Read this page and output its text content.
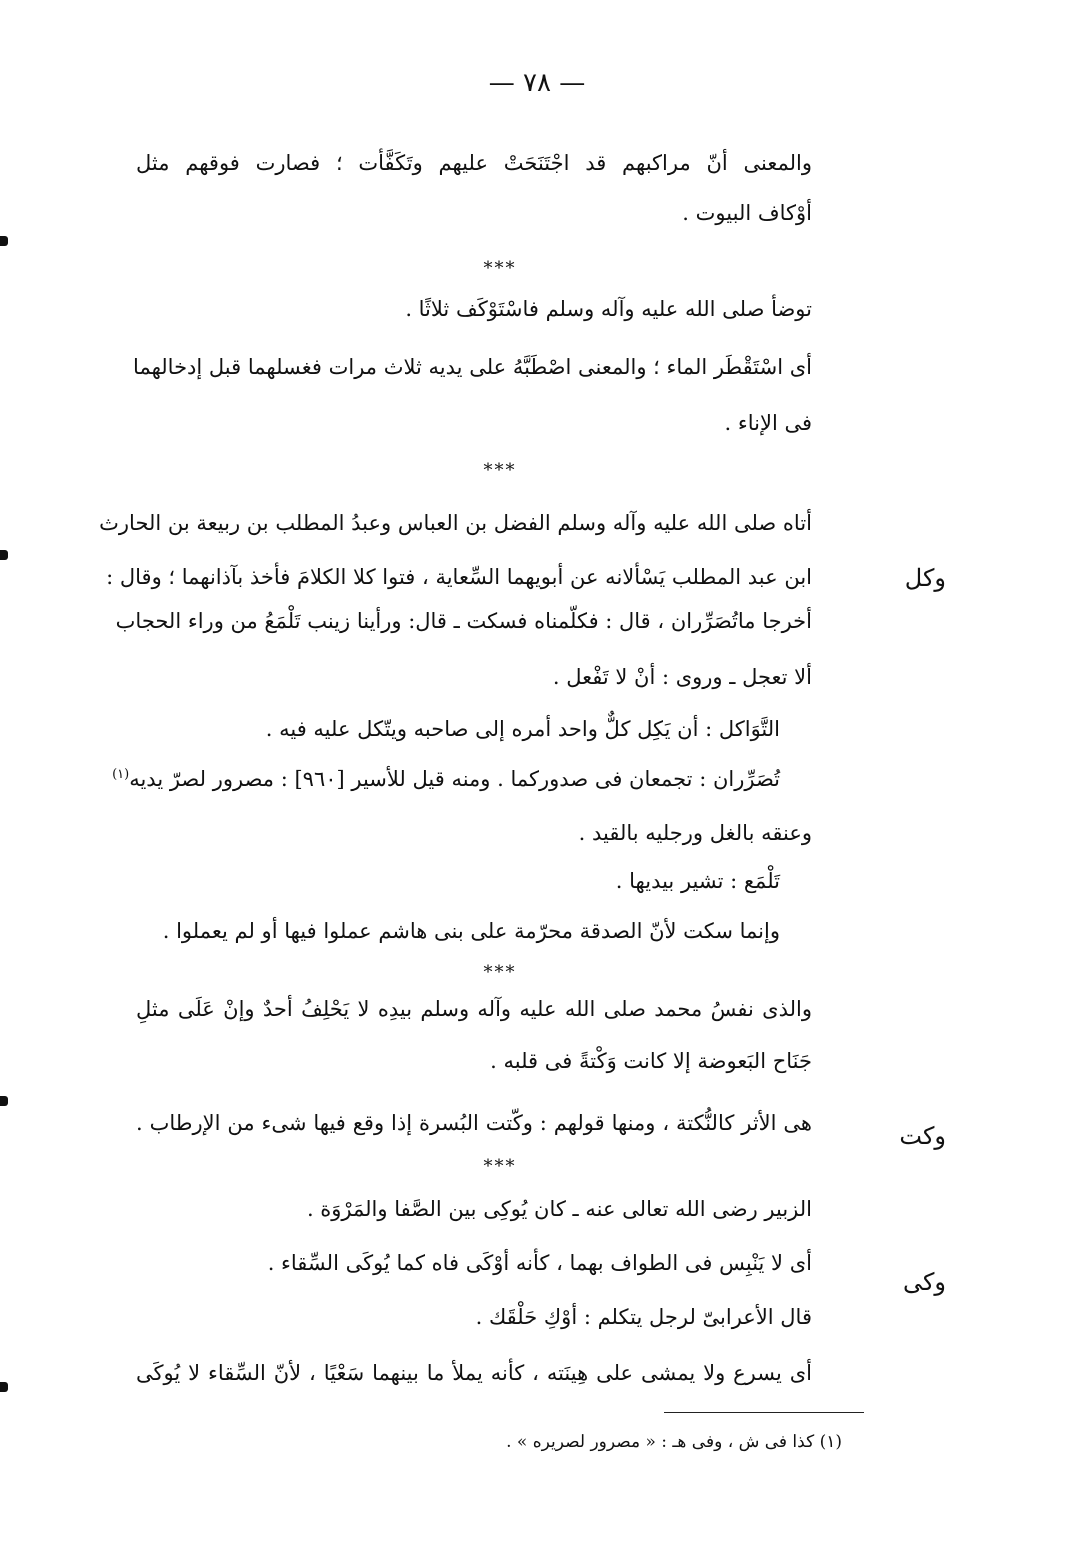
— ٧٨ —
والمعنى أنّ مراكبهم قد اجْتَنَحَتْ عليهم وتَكَفَّأت ؛ فصارت فوقهم مثل
أوْكاف البيوت .
***
توضأ صلى الله عليه وآله وسلم فاسْتَوْكَف ثلاثًا .
أى اسْتَقْطَر الماء ؛ والمعنى اصْطَبَّهُ على يديه ثلاث مرات فغسلهما قبل إدخالهما
فى الإناء .
***
أتاه صلى الله عليه وآله وسلم الفضل بن العباس وعبدُ المطلب بن ربيعة بن الحارث
وكل
ابن عبد المطلب يَسْألانه عن أبويهما السِّعاية ، فتوا كلا الكلامَ فأخذ بآذانهما ؛ وقال :
أخرجا ماتُصَرِّران ، قال : فكلّمناه فسكت ـ قال: ورأينا زينب تَلْمَعُ من وراء الحجاب
ألا تعجل ـ وروى : أنْ لا تَفْعل .
التَّوَاكل : أن يَكِل كلٌّ واحد أمره إلى صاحبه ويتّكل عليه فيه .
تُصَرِّران : تجمعان فى صدوركما . ومنه قيل للأسير [٩٦٠] : مصرور لصرّ يديه$^{(١)}$
وعنقه بالغل ورجليه بالقيد .
تَلْمَع : تشير بيديها .
وإنما سكت لأنّ الصدقة محرّمة على بنى هاشم عملوا فيها أو لم يعملوا .
***
والذى نفسُ محمد صلى الله عليه وآله وسلم بيدِه لا يَحْلِفُ أحدٌ وإنْ عَلَى مثلِ
جَنَاح البَعوضة إلا كانت وَكْتةً فى قلبه .
وكت
هى الأثر كالنُّكتة ، ومنها قولهم : وكّتت البُسرة إذا وقع فيها شىء من الإرطاب .
***
الزبير رضى الله تعالى عنه ـ كان يُوكِى بين الصَّفا والمَرْوَة .
وكى
أى لا يَنْبِس فى الطواف بهما ، كأنه أوْكَى فاه كما يُوكَى السِّقاء .
قال الأعرابىّ لرجل يتكلم : أوْكِ حَلْقَك .
أى يسرع ولا يمشى على هِينَته ، كأنه يملأ ما بينهما سَعْيًا ، لأنّ السِّقاء لا يُوكَى
(١) كذا فى ش ، وفى هـ : « مصرور لصريره » .
